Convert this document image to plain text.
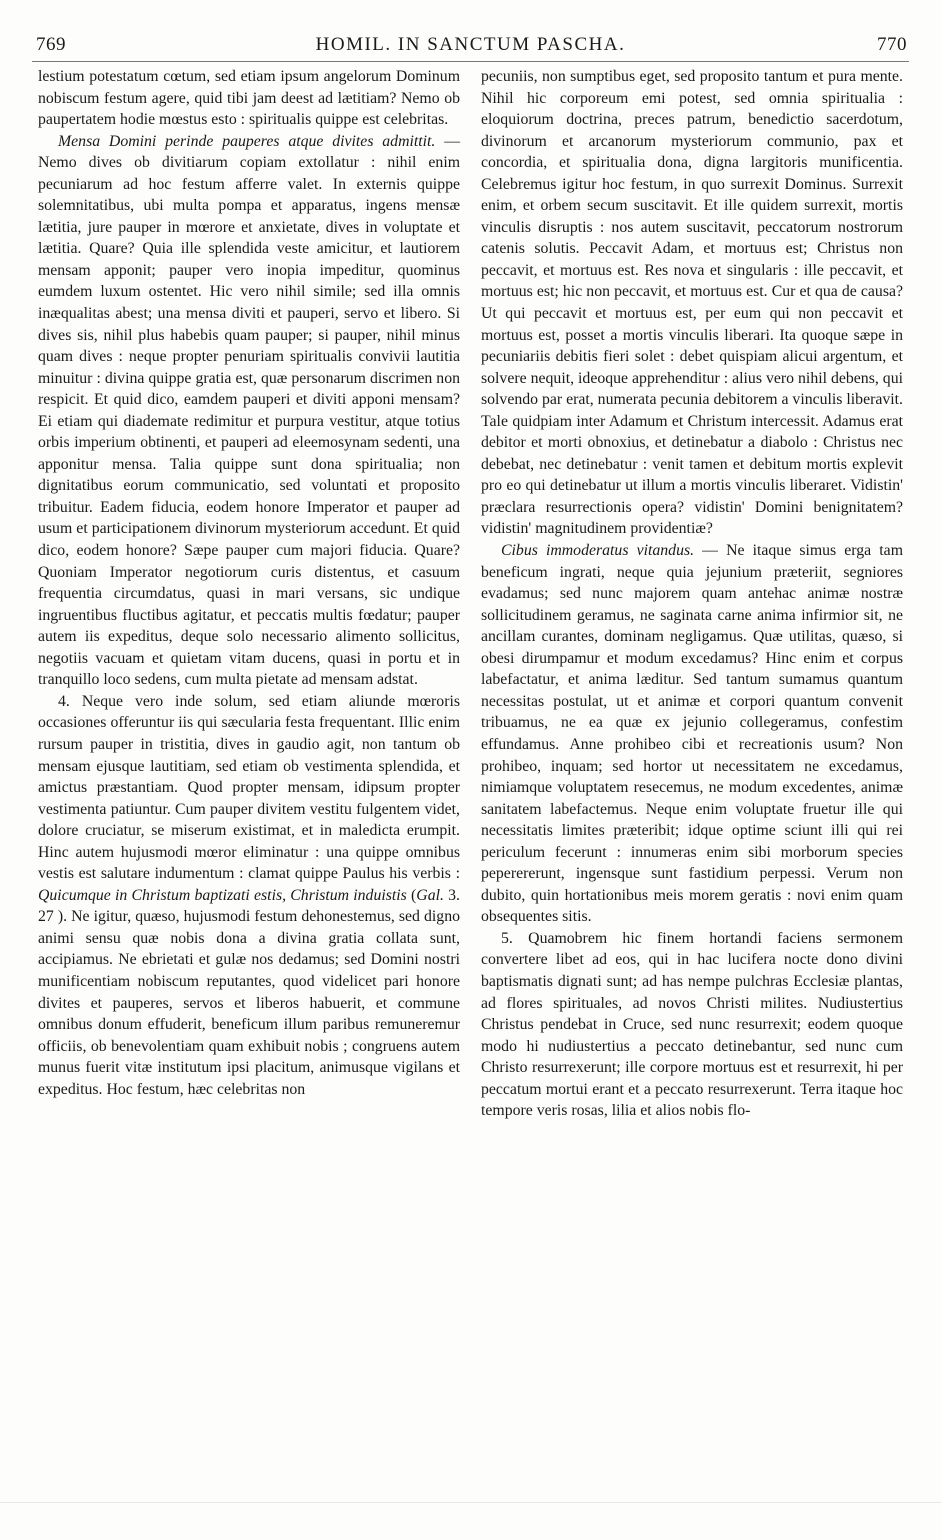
769	HOMIL. IN SANCTUM PASCHA.	770

lestium potestatum cœtum, sed etiam ipsum angelorum Dominum nobiscum festum agere, quid tibi jam deest ad lætitiam? Nemo ob paupertatem hodie mœstus esto : spiritualis quippe est celebritas.

Mensa Domini perinde pauperes atque divites admittit. — Nemo dives ob divitiarum copiam extollatur : nihil enim pecuniarum ad hoc festum afferre valet. In externis quippe solemnitatibus, ubi multa pompa et apparatus, ingens mensæ lætitia, jure pauper in mœrore et anxietate, dives in voluptate et lætitia. Quare? Quia ille splendida veste amicitur, et lautiorem mensam apponit; pauper vero inopia impeditur, quominus eumdem luxum ostentet. Hic vero nihil simile; sed illa omnis inæqualitas abest; una mensa diviti et pauperi, servo et libero. Si dives sis, nihil plus habebis quam pauper; si pauper, nihil minus quam dives : neque propter penuriam spiritualis convivii lautitia minuitur : divina quippe gratia est, quæ personarum discrimen non respicit. Et quid dico, eamdem pauperi et diviti apponi mensam? Ei etiam qui diademate redimitur et purpura vestitur, atque totius orbis imperium obtinenti, et pauperi ad eleemosynam sedenti, una apponitur mensa. Talia quippe sunt dona spiritualia; non dignitatibus eorum communicatio, sed voluntati et proposito tribuitur. Eadem fiducia, eodem honore Imperator et pauper ad usum et participationem divinorum mysteriorum accedunt. Et quid dico, eodem honore? Sæpe pauper cum majori fiducia. Quare? Quoniam Imperator negotiorum curis distentus, et casuum frequentia circumdatus, quasi in mari versans, sic undique ingruentibus fluctibus agitatur, et peccatis multis fœdatur; pauper autem iis expeditus, deque solo necessario alimento sollicitus, negotiis vacuam et quietam vitam ducens, quasi in portu et in tranquillo loco sedens, cum multa pietate ad mensam adstat.

4. Neque vero inde solum, sed etiam aliunde mœroris occasiones offeruntur iis qui sæcularia festa frequentant. Illic enim rursum pauper in tristitia, dives in gaudio agit, non tantum ob mensam ejusque lautitiam, sed etiam ob vestimenta splendida, et amictus præstantiam. Quod propter mensam, idipsum propter vestimenta patiuntur. Cum pauper divitem vestitu fulgentem videt, dolore cruciatur, se miserum existimat, et in maledicta erumpit. Hinc autem hujusmodi mœror eliminatur : una quippe omnibus vestis est salutare indumentum : clamat quippe Paulus his verbis : Quicumque in Christum baptizati estis, Christum induistis (Gal. 3. 27 ). Ne igitur, quæso, hujusmodi festum dehonestemus, sed digno animi sensu quæ nobis dona a divina gratia collata sunt, accipiamus. Ne ebrietati et gulæ nos dedamus; sed Domini nostri munificentiam nobiscum reputantes, quod videlicet pari honore divites et pauperes, servos et liberos habuerit, et commune omnibus donum effuderit, beneficum illum paribus remuneremur officiis, ob benevolentiam quam exhibuit nobis ; congruens autem munus fuerit vitæ institutum ipsi placitum, animusque vigilans et expeditus. Hoc festum, hæc celebritas non

pecuniis, non sumptibus eget, sed proposito tantum et pura mente. Nihil hic corporeum emi potest, sed omnia spiritualia : eloquiorum doctrina, preces patrum, benedictio sacerdotum, divinorum et arcanorum mysteriorum communio, pax et concordia, et spiritualia dona, digna largitoris munificentia. Celebremus igitur hoc festum, in quo surrexit Dominus. Surrexit enim, et orbem secum suscitavit. Et ille quidem surrexit, mortis vinculis disruptis : nos autem suscitavit, peccatorum nostrorum catenis solutis. Peccavit Adam, et mortuus est; Christus non peccavit, et mortuus est. Res nova et singularis : ille peccavit, et mortuus est; hic non peccavit, et mortuus est. Cur et qua de causa? Ut qui peccavit et mortuus est, per eum qui non peccavit et mortuus est, posset a mortis vinculis liberari. Ita quoque sæpe in pecuniariis debitis fieri solet : debet quispiam alicui argentum, et solvere nequit, ideoque apprehenditur : alius vero nihil debens, qui solvendo par erat, numerata pecunia debitorem a vinculis liberavit. Tale quidpiam inter Adamum et Christum intercessit. Adamus erat debitor et morti obnoxius, et detinebatur a diabolo : Christus nec debebat, nec detinebatur : venit tamen et debitum mortis explevit pro eo qui detinebatur ut illum a mortis vinculis liberaret. Vidistin' præclara resurrectionis opera? vidistin' Domini benignitatem? vidistin' magnitudinem providentiæ?

Cibus immoderatus vitandus. — Ne itaque simus erga tam beneficum ingrati, neque quia jejunium præteriit, segniores evadamus; sed nunc majorem quam antehac animæ nostræ sollicitudinem geramus, ne saginata carne anima infirmior sit, ne ancillam curantes, dominam negligamus. Quæ utilitas, quæso, si obesi dirumpamur et modum excedamus? Hinc enim et corpus labefactatur, et anima læditur. Sed tantum sumamus quantum necessitas postulat, ut et animæ et corpori quantum convenit tribuamus, ne ea quæ ex jejunio collegeramus, confestim effundamus. Anne prohibeo cibi et recreationis usum? Non prohibeo, inquam; sed hortor ut necessitatem ne excedamus, nimiamque voluptatem resecemus, ne modum excedentes, animæ sanitatem labefactemus. Neque enim voluptate fruetur ille qui necessitatis limites præteribit; idque optime sciunt illi qui rei periculum fecerunt : innumeras enim sibi morborum species peperererunt, ingensque sunt fastidium perpessi. Verum non dubito, quin hortationibus meis morem geratis : novi enim quam obsequentes sitis.

5. Quamobrem hic finem hortandi faciens sermonem convertere libet ad eos, qui in hac lucifera nocte dono divini baptismatis dignati sunt; ad has nempe pulchras Ecclesiæ plantas, ad flores spirituales, ad novos Christi milites. Nudiustertius Christus pendebat in Cruce, sed nunc resurrexit; eodem quoque modo hi nudiustertius a peccato detinebantur, sed nunc cum Christo resurrexerunt; ille corpore mortuus est et resurrexit, hi per peccatum mortui erant et a peccato resurrexerunt. Terra itaque hoc tempore veris rosas, lilia et alios nobis flo-
